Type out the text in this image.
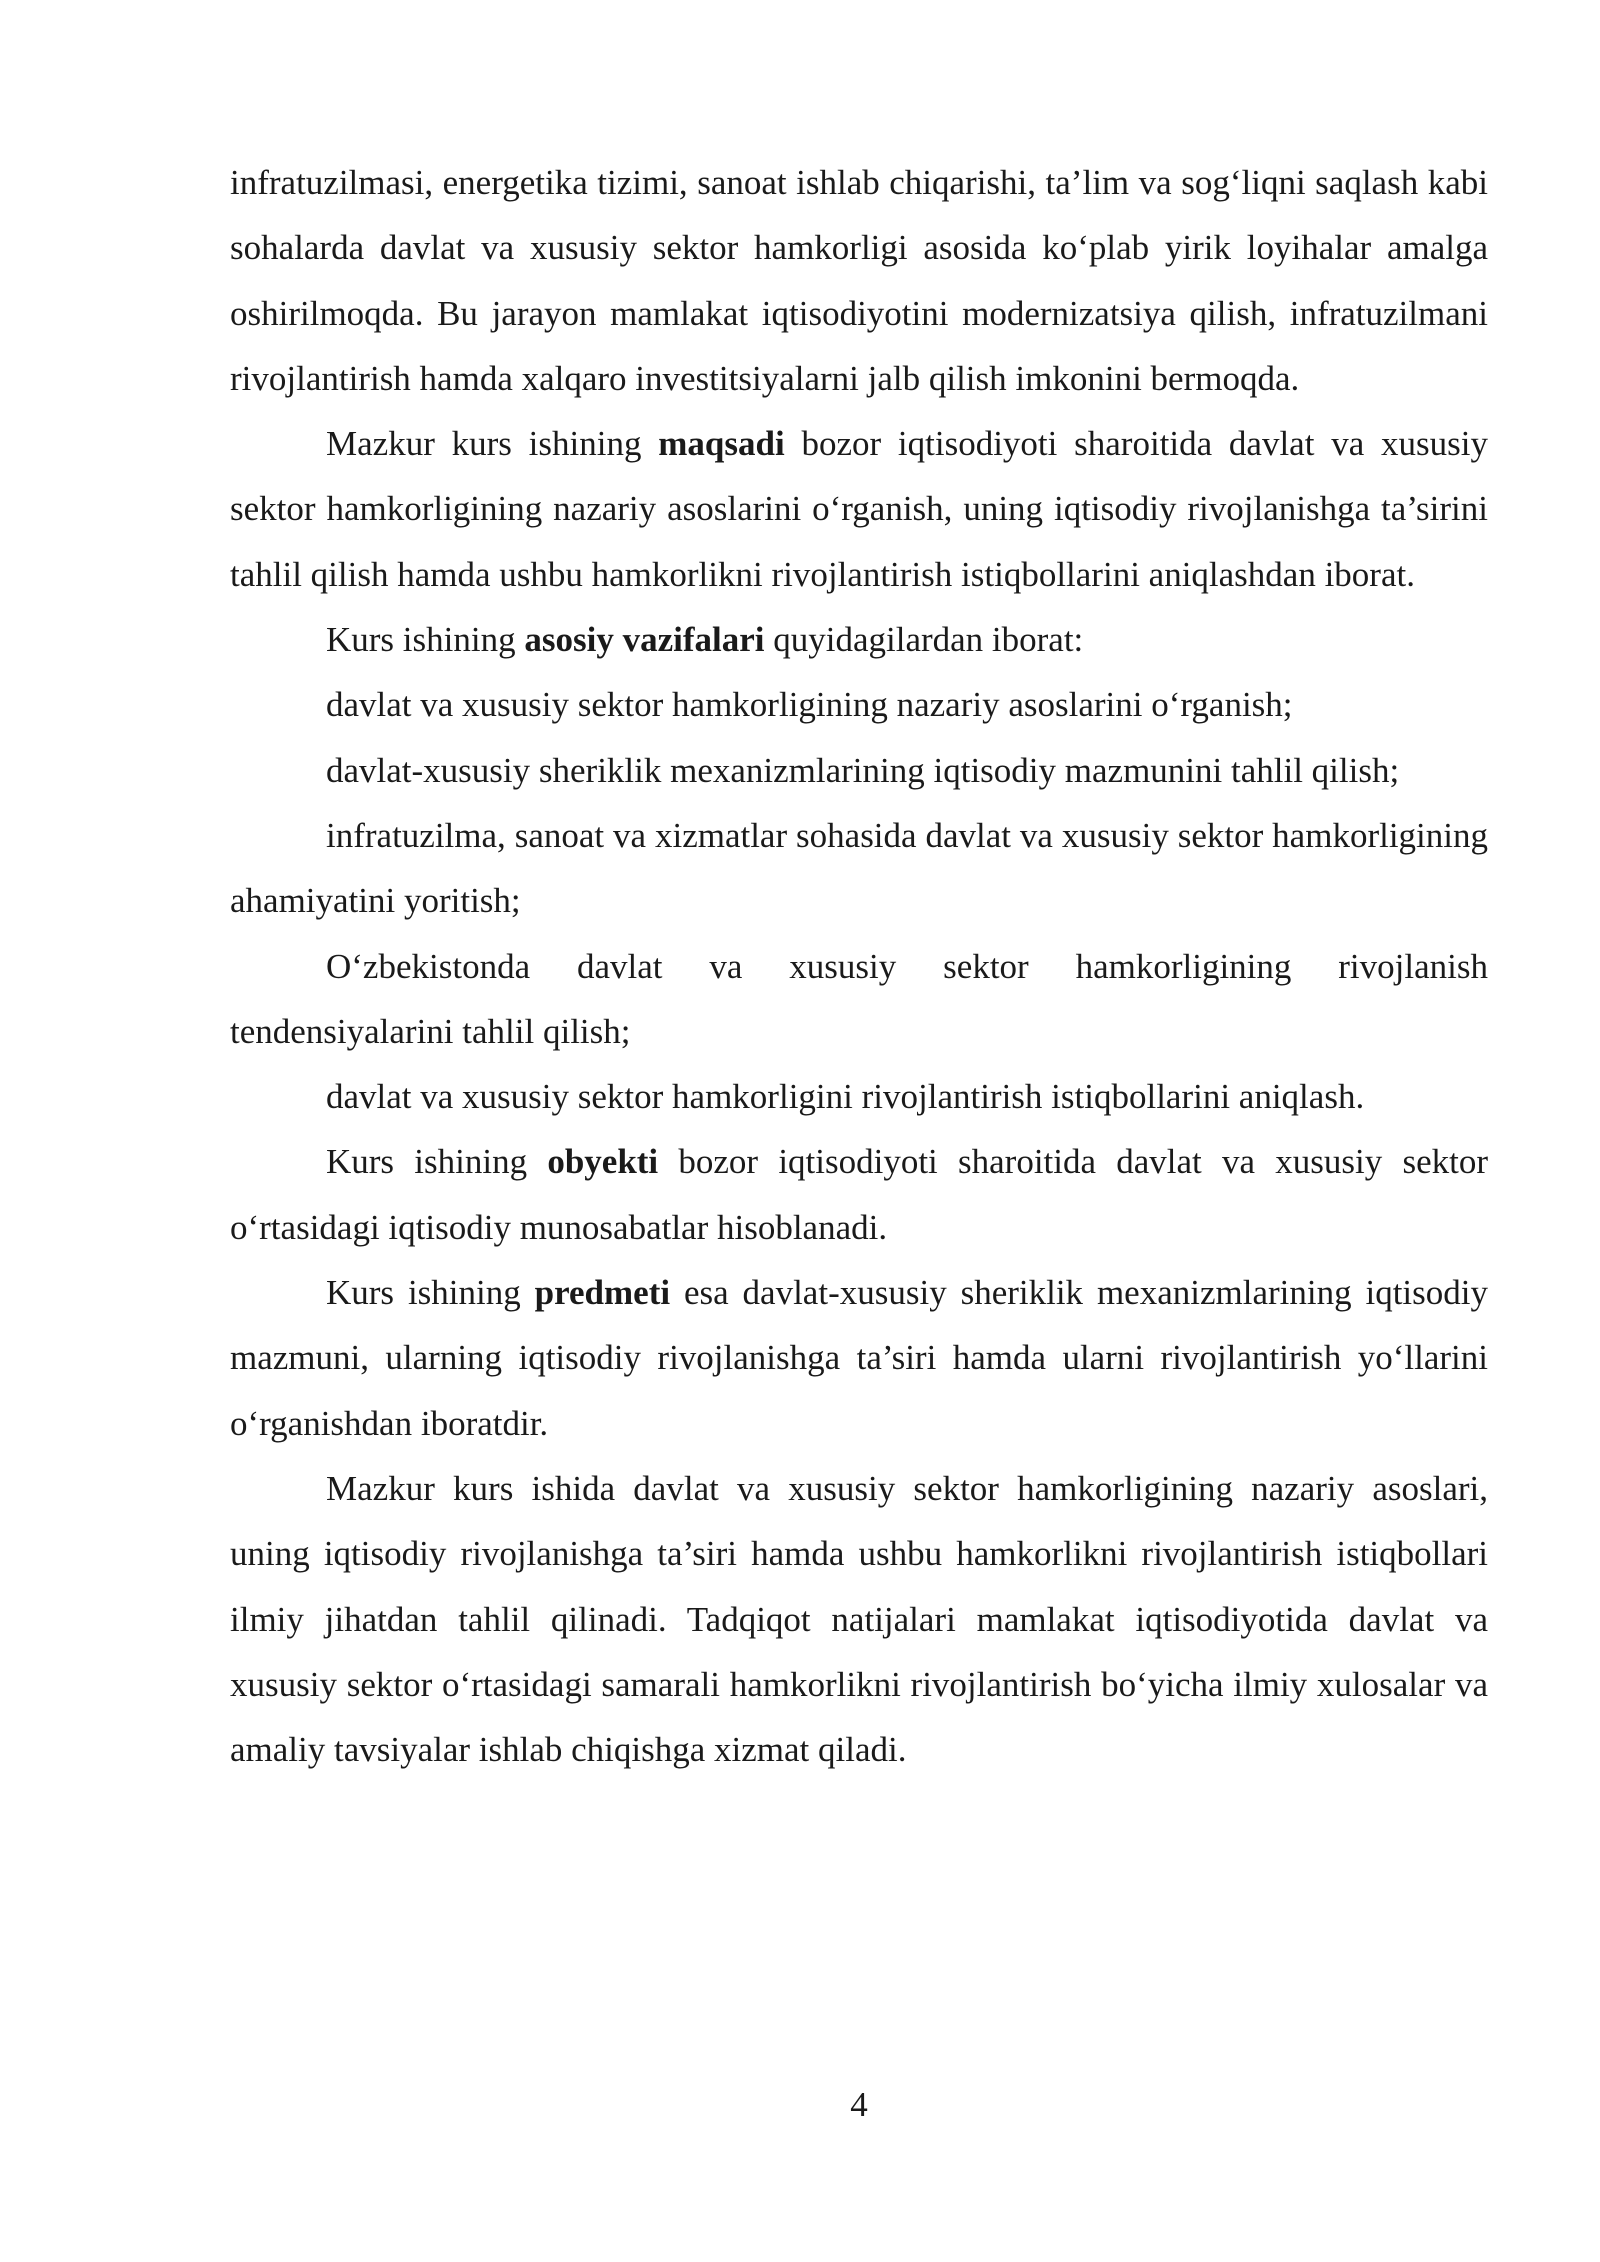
infratuzilmasi, energetika tizimi, sanoat ishlab chiqarishi, ta’lim va sog‘liqni saqlash kabi sohalarda davlat va xususiy sektor hamkorligi asosida ko‘plab yirik loyihalar amalga oshirilmoqda. Bu jarayon mamlakat iqtisodiyotini modernizatsiya qilish, infratuzilmani rivojlantirish hamda xalqaro investitsiyalarni jalb qilish imkonini bermoqda.

Mazkur kurs ishining maqsadi bozor iqtisodiyoti sharoitida davlat va xususiy sektor hamkorligining nazariy asoslarini o‘rganish, uning iqtisodiy rivojlanishga ta’sirini tahlil qilish hamda ushbu hamkorlikni rivojlantirish istiqbollarini aniqlashdan iborat.

Kurs ishining asosiy vazifalari quyidagilardan iborat:

davlat va xususiy sektor hamkorligining nazariy asoslarini o‘rganish;

davlat-xususiy sheriklik mexanizmlarining iqtisodiy mazmunini tahlil qilish;

infratuzilma, sanoat va xizmatlar sohasida davlat va xususiy sektor hamkorligining ahamiyatini yoritish;

O‘zbekistonda davlat va xususiy sektor hamkorligining rivojlanish tendensiyalarini tahlil qilish;

davlat va xususiy sektor hamkorligini rivojlantirish istiqbollarini aniqlash.

Kurs ishining obyekti bozor iqtisodiyoti sharoitida davlat va xususiy sektor o‘rtasidagi iqtisodiy munosabatlar hisoblanadi.

Kurs ishining predmeti esa davlat-xususiy sheriklik mexanizmlarining iqtisodiy mazmuni, ularning iqtisodiy rivojlanishga ta’siri hamda ularni rivojlantirish yo‘llarini o‘rganishdan iboratdir.

Mazkur kurs ishida davlat va xususiy sektor hamkorligining nazariy asoslari, uning iqtisodiy rivojlanishga ta’siri hamda ushbu hamkorlikni rivojlantirish istiqbollari ilmiy jihatdan tahlil qilinadi. Tadqiqot natijalari mamlakat iqtisodiyotida davlat va xususiy sektor o‘rtasidagi samarali hamkorlikni rivojlantirish bo‘yicha ilmiy xulosalar va amaliy tavsiyalar ishlab chiqishga xizmat qiladi.

4
